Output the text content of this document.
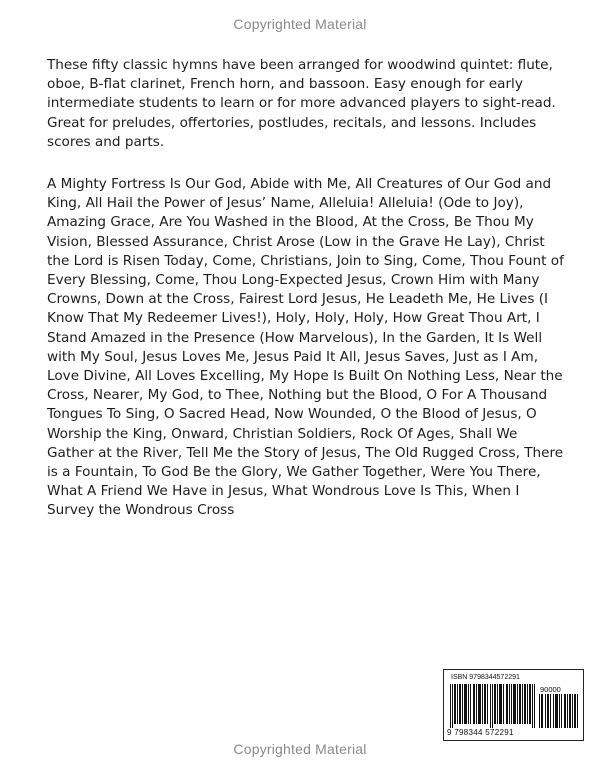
Copyrighted Material

These fifty classic hymns have been arranged for woodwind quintet: flute, oboe, B-flat clarinet, French horn, and bassoon. Easy enough for early intermediate students to learn or for more advanced players to sight-read. Great for preludes, offertories, postludes, recitals, and lessons. Includes scores and parts.

A Mighty Fortress Is Our God, Abide with Me, All Creatures of Our God and King, All Hail the Power of Jesus’ Name, Alleluia! Alleluia! (Ode to Joy), Amazing Grace, Are You Washed in the Blood, At the Cross, Be Thou My Vision, Blessed Assurance, Christ Arose (Low in the Grave He Lay), Christ the Lord is Risen Today, Come, Christians, Join to Sing, Come, Thou Fount of Every Blessing, Come, Thou Long-Expected Jesus, Crown Him with Many Crowns, Down at the Cross, Fairest Lord Jesus, He Leadeth Me, He Lives (I Know That My Redeemer Lives!), Holy, Holy, Holy, How Great Thou Art, I Stand Amazed in the Presence (How Marvelous), In the Garden, It Is Well with My Soul, Jesus Loves Me, Jesus Paid It All, Jesus Saves, Just as I Am, Love Divine, All Loves Excelling, My Hope Is Built On Nothing Less, Near the Cross, Nearer, My God, to Thee, Nothing but the Blood, O For A Thousand Tongues To Sing, O Sacred Head, Now Wounded, O the Blood of Jesus, O Worship the King, Onward, Christian Soldiers, Rock Of Ages, Shall We Gather at the River, Tell Me the Story of Jesus, The Old Rugged Cross, There is a Fountain, To God Be the Glory, We Gather Together, Were You There, What A Friend We Have in Jesus, What Wondrous Love Is This, When I Survey the Wondrous Cross

ISBN 9798344572291
90000
9 798344 572291
Copyrighted Material
